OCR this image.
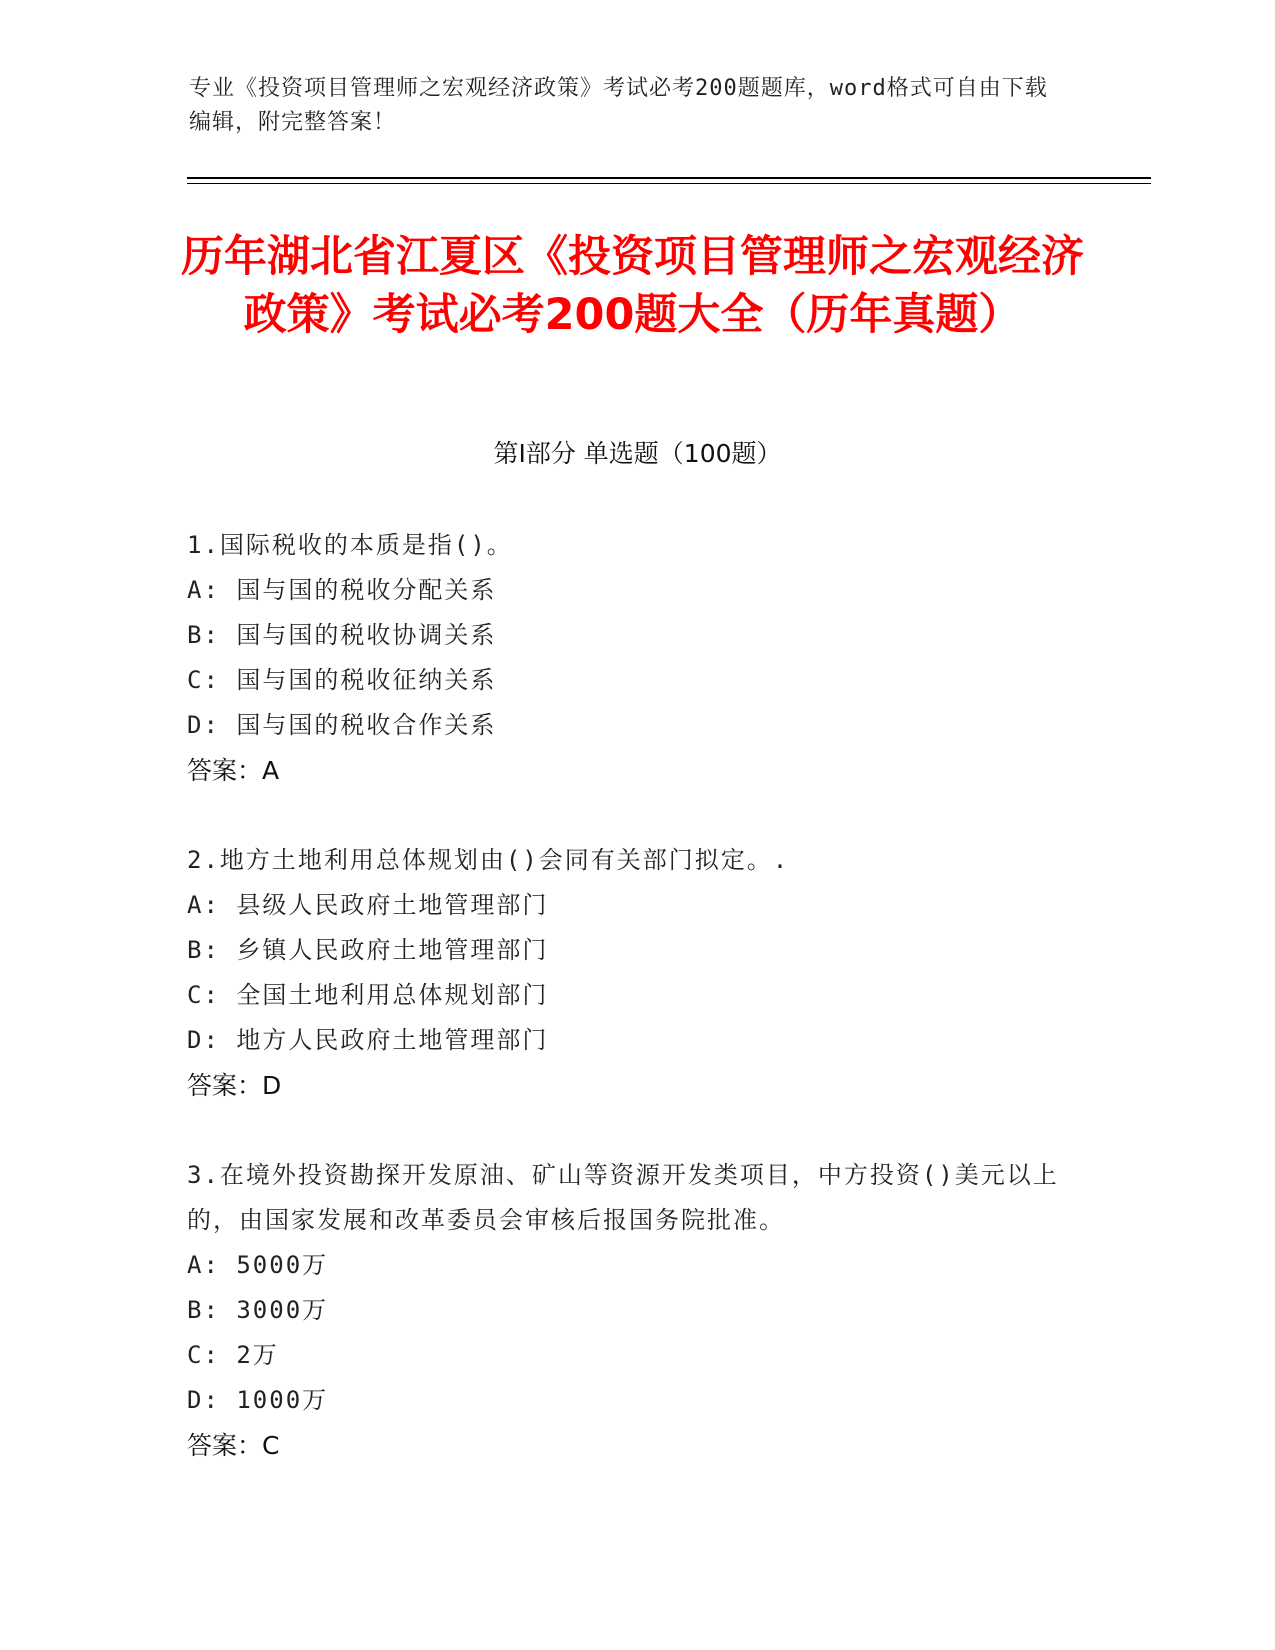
专业《投资项目管理师之宏观经济政策》考试必考200题题库，word格式可自由下载编辑，附完整答案！
历年湖北省江夏区《投资项目管理师之宏观经济政策》考试必考200题大全（历年真题）
第Ⅰ部分 单选题（100题）

1.国际税收的本质是指()。

A: 国与国的税收分配关系

B: 国与国的税收协调关系

C: 国与国的税收征纳关系

D: 国与国的税收合作关系

答案：A

2.地方土地利用总体规划由()会同有关部门拟定。.

A: 县级人民政府土地管理部门

B: 乡镇人民政府土地管理部门

C: 全国土地利用总体规划部门

D: 地方人民政府土地管理部门

答案：D

3.在境外投资勘探开发原油、矿山等资源开发类项目，中方投资()美元以上的，由国家发展和改革委员会审核后报国务院批准。

A: 5000万

B: 3000万

C: 2万

D: 1000万

答案：C
